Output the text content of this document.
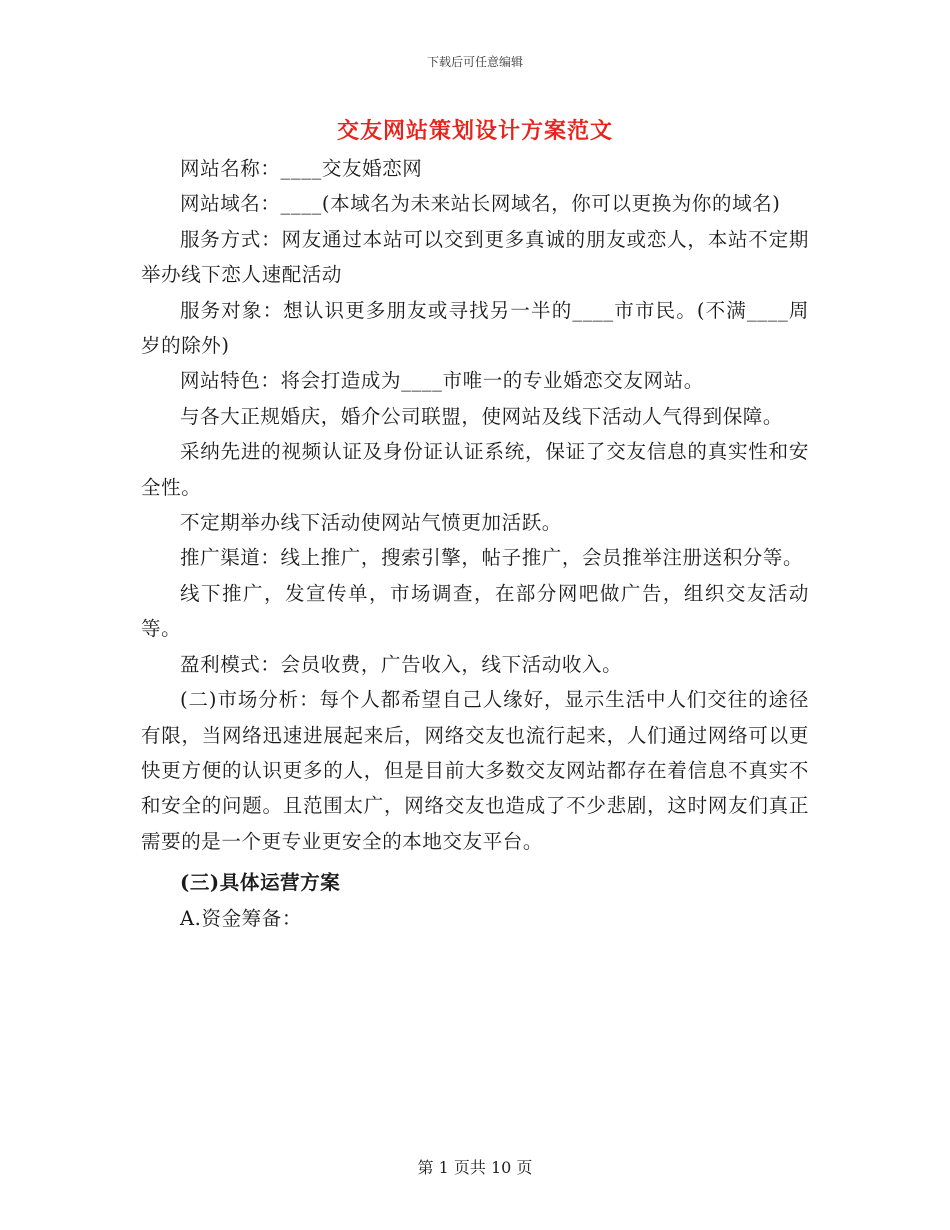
下载后可任意编辑
交友网站策划设计方案范文

网站名称：____交友婚恋网

网站域名：____(本域名为未来站长网域名，你可以更换为你的域名)

服务方式：网友通过本站可以交到更多真诚的朋友或恋人，本站不定期举办线下恋人速配活动

服务对象：想认识更多朋友或寻找另一半的____市市民。(不满____周岁的除外)

网站特色：将会打造成为____市唯一的专业婚恋交友网站。

与各大正规婚庆，婚介公司联盟，使网站及线下活动人气得到保障。

采纳先进的视频认证及身份证认证系统，保证了交友信息的真实性和安全性。

不定期举办线下活动使网站气愤更加活跃。

推广渠道：线上推广，搜索引擎，帖子推广，会员推举注册送积分等。

线下推广，发宣传单，市场调查，在部分网吧做广告，组织交友活动等。

盈利模式：会员收费，广告收入，线下活动收入。

(二)市场分析：每个人都希望自己人缘好，显示生活中人们交往的途径有限，当网络迅速进展起来后，网络交友也流行起来，人们通过网络可以更快更方便的认识更多的人，但是目前大多数交友网站都存在着信息不真实不和安全的问题。且范围太广，网络交友也造成了不少悲剧，这时网友们真正需要的是一个更专业更安全的本地交友平台。

(三)具体运营方案

A.资金筹备：

第 1 页共 10 页
